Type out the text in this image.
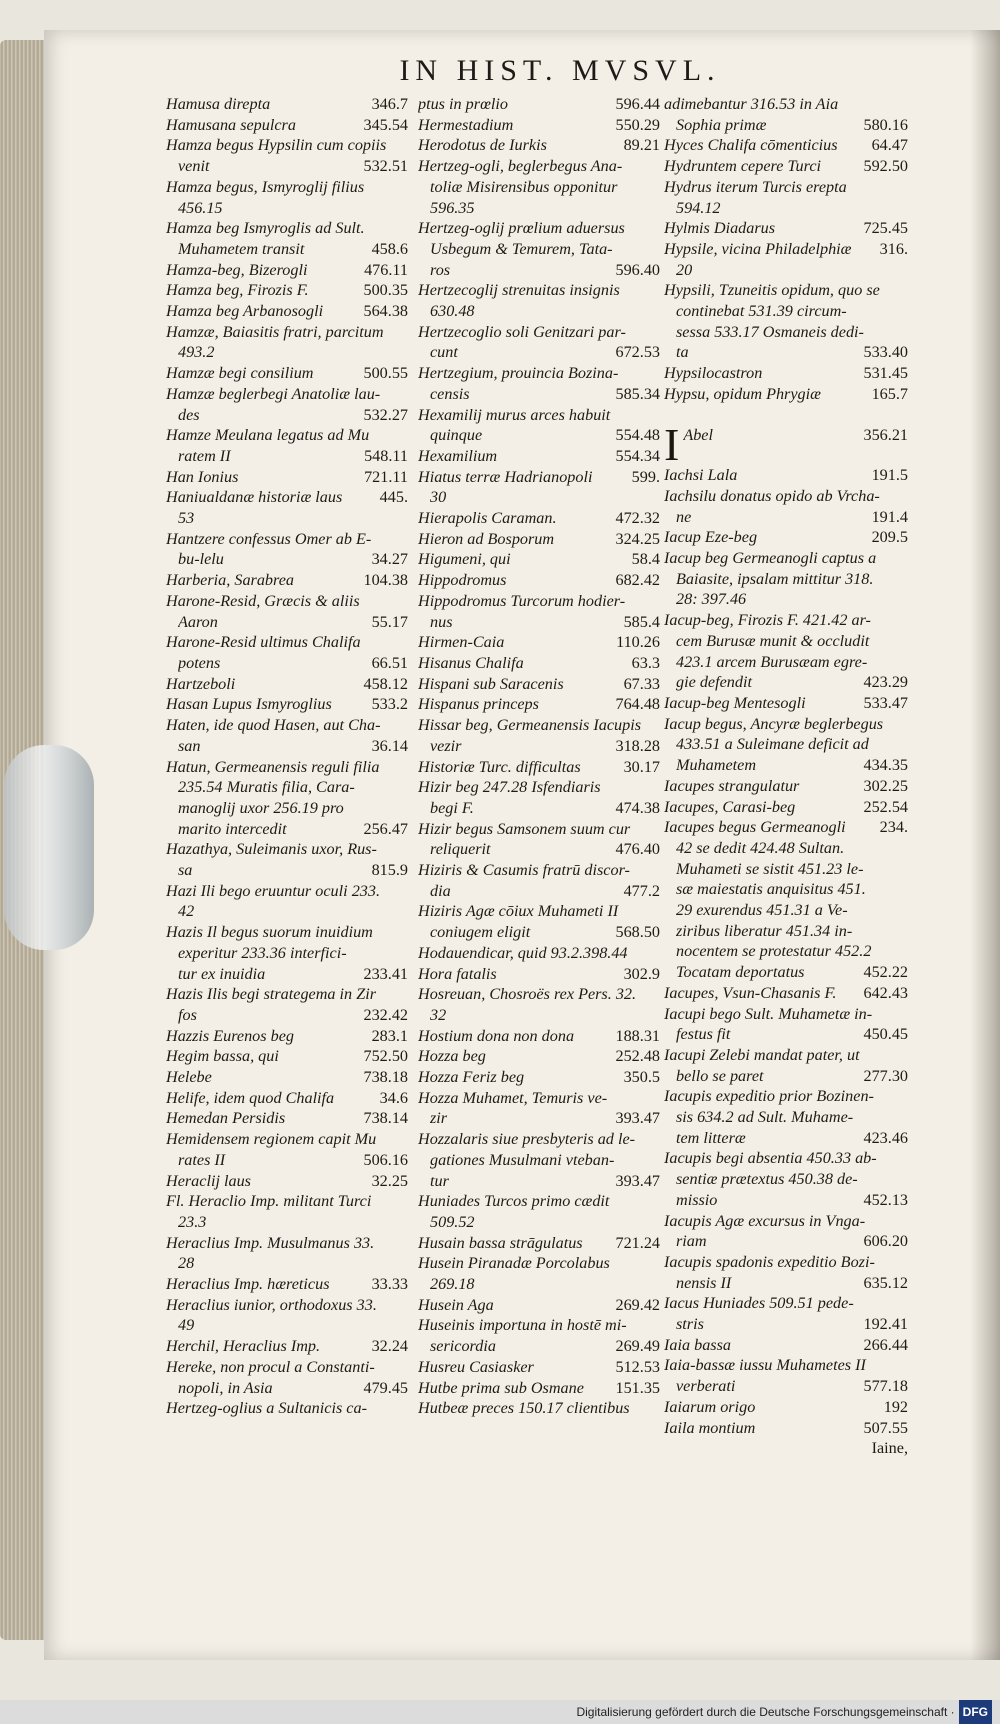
IN HIST. MVSVL.
Hamusa direpta	346.7
Hamusana sepulcra	345.54
Hamza begus Hypsilin cum copiis
venit	532.51
Hamza begus, Ismyroglij filius
456.15
Hamza beg Ismyroglis ad Sult.
Muhametem transit	458.6
Hamza-beg, Bizerogli	476.11
Hamza beg, Firozis F.	500.35
Hamza beg Arbanosogli	564.38
Hamzæ, Baiasitis fratri, parcitum
493.2
Hamzæ begi consilium	500.55
Hamzæ beglerbegi Anatoliæ lau-
des	532.27
Hamze Meulana legatus ad Mu
ratem II	548.11
Han Ionius	721.11
Haniualdanæ historiæ laus	445.
53
Hantzere confessus Omer ab E-
bu-lelu	34.27
Harberia, Sarabrea	104.38
Harone-Resid, Græcis & aliis
Aaron	55.17
Harone-Resid ultimus Chalifa
potens	66.51
Hartzeboli	458.12
Hasan Lupus Ismyroglius	533.2
Haten, ide quod Hasen, aut Cha-
san	36.14
Hatun, Germeanensis reguli filia
235.54 Muratis filia, Cara-
manoglij uxor 256.19 pro
marito intercedit	256.47
Hazathya, Suleimanis uxor, Rus-
sa	815.9
Hazi Ili bego eruuntur oculi 233.
42
Hazis Il begus suorum inuidium
experitur 233.36 interfici-
tur ex inuidia	233.41
Hazis Ilis begi strategema in Zir
fos	232.42
Hazzis Eurenos beg	283.1
Hegim bassa, qui	752.50
Helebe	738.18
Helife, idem quod Chalifa	34.6
Hemedan Persidis	738.14
Hemidensem regionem capit Mu
rates II	506.16
Heraclij laus	32.25
Fl. Heraclio Imp. militant Turci
23.3
Heraclius Imp. Musulmanus 33.
28
Heraclius Imp. hæreticus	33.33
Heraclius iunior, orthodoxus 33.
49
Herchil, Heraclius Imp.	32.24
Hereke, non procul a Constanti-
nopoli, in Asia	479.45
Hertzeg-oglius a Sultanicis ca-
ptus in prœlio	596.44
Hermestadium	550.29
Herodotus de Iurkis	89.21
Hertzeg-ogli, beglerbegus Ana-
toliæ Misirensibus opponitur
596.35
Hertzeg-oglij prœlium aduersus
Usbegum & Temurem, Tata-
ros	596.40
Hertzecoglij strenuitas insignis
630.48
Hertzecoglio soli Genitzari par-
cunt	672.53
Hertzegium, prouincia Bozina-
censis	585.34
Hexamilij murus arces habuit
quinque	554.48
Hexamilium	554.34
Hiatus terræ Hadrianopoli	599.
30
Hierapolis Caraman.	472.32
Hieron ad Bosporum	324.25
Higumeni, qui	58.4
Hippodromus	682.42
Hippodromus Turcorum hodier-
nus	585.4
Hirmen-Caia	110.26
Hisanus Chalifa	63.3
Hispani sub Saracenis	67.33
Hispanus princeps	764.48
Hissar beg, Germeanensis Iacupis
vezir	318.28
Historiæ Turc. difficultas	30.17
Hizir beg 247.28 Isfendiaris
begi F.	474.38
Hizir begus Samsonem suum cur
reliquerit	476.40
Hiziris & Casumis fratrū discor-
dia	477.2
Hiziris Agæ cōiux Muhameti II
coniugem eligit	568.50
Hodauendicar, quid 93.2.398.44
Hora fatalis	302.9
Hosreuan, Chosroës rex Pers. 32.
32
Hostium dona non dona	188.31
Hozza beg	252.48
Hozza Feriz beg	350.5
Hozza Muhamet, Temuris ve-
zir	393.47
Hozzalaris siue presbyteris ad le-
gationes Musulmani vteban-
tur	393.47
Huniades Turcos primo cædit
509.52
Husain bassa strāgulatus	721.24
Husein Piranadæ Porcolabus
269.18
Husein Aga	269.42
Huseinis importuna in hostē mi-
sericordia	269.49
Husreu Casiasker	512.53
Hutbe prima sub Osmane	151.35
Hutbeæ preces 150.17 clientibus
adimebantur 316.53 in Aia
Sophia primæ	580.16
Hyces Chalifa cōmenticius	64.47
Hydruntem cepere Turci	592.50
Hydrus iterum Turcis erepta
594.12
Hylmis Diadarus	725.45
Hypsile, vicina Philadelphiæ	316.
20
Hypsili, Tzuneitis opidum, quo se
continebat 531.39 circum-
sessa 533.17 Osmaneis dedi-
ta	533.40
Hypsilocastron	531.45
Hypsu, opidum Phrygiæ	165.7
I Abel	356.21
Iachsi Lala	191.5
Iachsilu donatus opido ab Vrcha-
ne	191.4
Iacup Eze-beg	209.5
Iacup beg Germeanogli captus a
Baiasite, ipsalam mittitur 318.
28: 397.46
Iacup-beg, Firozis F. 421.42 ar-
cem Burusæ munit & occludit
423.1 arcem Burusæam egre-
gie defendit	423.29
Iacup-beg Mentesogli	533.47
Iacup begus, Ancyræ beglerbegus
433.51 a Suleimane deficit ad
Muhametem	434.35
Iacupes strangulatur	302.25
Iacupes, Carasi-beg	252.54
Iacupes begus Germeanogli	234.
42 se dedit 424.48 Sultan.
Muhameti se sistit 451.23 le-
sæ maiestatis anquisitus 451.
29 exurendus 451.31 a Ve-
ziribus liberatur 451.34 in-
nocentem se protestatur 452.2
Tocatam deportatus	452.22
Iacupes, Vsun-Chasanis F.	642.43
Iacupi bego Sult. Muhametæ in-
festus fit	450.45
Iacupi Zelebi mandat pater, ut
bello se paret	277.30
Iacupis expeditio prior Bozinen-
sis 634.2 ad Sult. Muhame-
tem litteræ	423.46
Iacupis begi absentia 450.33 ab-
sentiæ prætextus 450.38 de-
missio	452.13
Iacupis Agæ excursus in Vnga-
riam	606.20
Iacupis spadonis expeditio Bozi-
nensis II	635.12
Iacus Huniades 509.51 pede-
stris	192.41
Iaia bassa	266.44
Iaia-bassæ iussu Muhametes II
verberati	577.18
Iaiarum origo	192
Iaila montium	507.55
Iaine,
Digitalisierung gefördert durch die Deutsche Forschungsgemeinschaft · DFG
